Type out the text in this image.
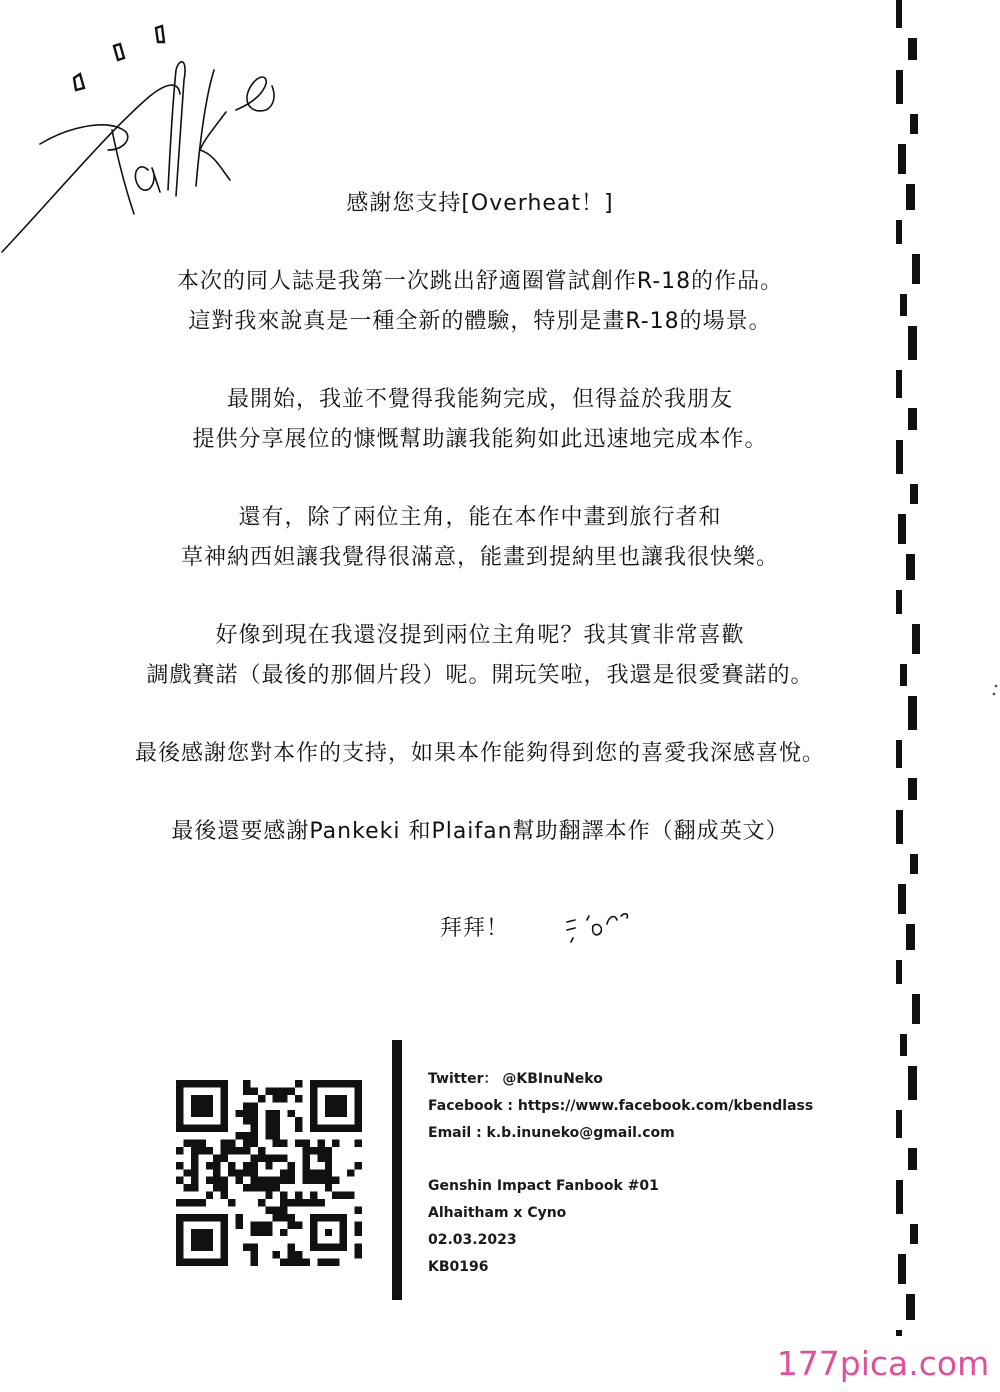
感謝您支持[Overheat！]
本次的同人誌是我第一次跳出舒適圈嘗試創作R-18的作品。
這對我來說真是一種全新的體驗，特別是畫R-18的場景。
最開始，我並不覺得我能夠完成，但得益於我朋友
提供分享展位的慷慨幫助讓我能夠如此迅速地完成本作。
還有，除了兩位主角，能在本作中畫到旅行者和
草神納西妲讓我覺得很滿意，能畫到提納里也讓我很快樂。
好像到現在我還沒提到兩位主角呢？我其實非常喜歡
調戲賽諾（最後的那個片段）呢。開玩笑啦，我還是很愛賽諾的。
最後感謝您對本作的支持，如果本作能夠得到您的喜愛我深感喜悅。
最後還要感謝Pankeki 和Plaifan幫助翻譯本作（翻成英文）
拜拜！
Twitter： @KBInuNeko
Facebook : https://www.facebook.com/kbendlass
Email : k.b.inuneko@gmail.com
Genshin Impact Fanbook #01
Alhaitham x Cyno
02.03.2023
KB0196
177pica.com
